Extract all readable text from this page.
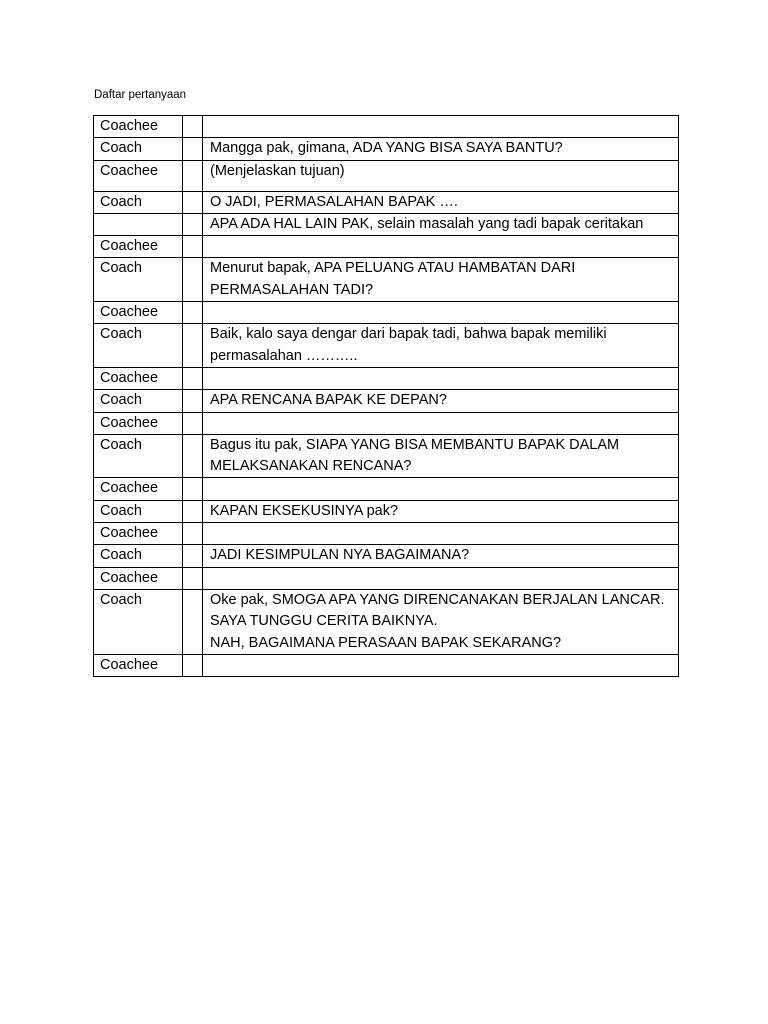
Daftar pertanyaan
Coachee		
Coach		Mangga pak, gimana, ADA YANG BISA SAYA BANTU?
Coachee		(Menjelaskan tujuan)
Coach		O JADI, PERMASALAHAN BAPAK ….
		APA ADA HAL LAIN PAK, selain masalah yang tadi bapak ceritakan
Coachee		
Coach		Menurut bapak, APA PELUANG ATAU HAMBATAN DARI PERMASALAHAN TADI?
Coachee		
Coach		Baik, kalo saya dengar dari bapak tadi, bahwa bapak memiliki permasalahan ………..
Coachee		
Coach		APA RENCANA BAPAK KE DEPAN?
Coachee		
Coach		Bagus itu pak, SIAPA YANG BISA MEMBANTU BAPAK DALAM MELAKSANAKAN RENCANA?
Coachee		
Coach		KAPAN EKSEKUSINYA pak?
Coachee		
Coach		JADI KESIMPULAN NYA BAGAIMANA?
Coachee		
Coach		Oke pak, SMOGA APA YANG DIRENCANAKAN BERJALAN LANCAR. SAYA TUNGGU CERITA BAIKNYA.
NAH, BAGAIMANA PERASAAN BAPAK SEKARANG?
Coachee		
